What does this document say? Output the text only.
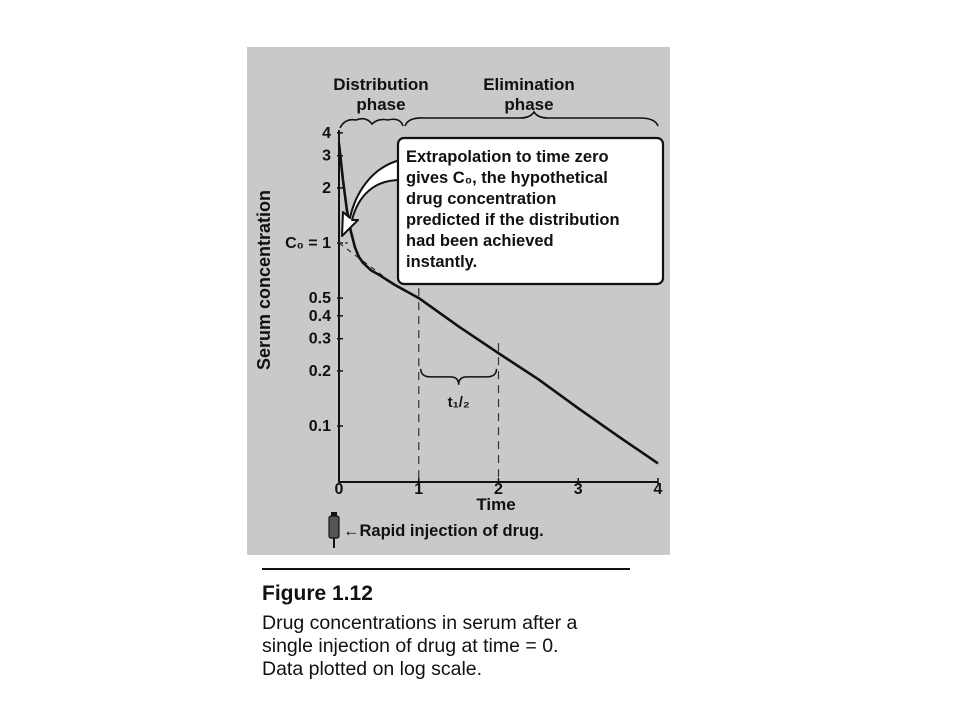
4
3
2
C₀ = 1
0.5
0.4
0.3
0.2
0.1
0	1	2	3	4
t₁/₂
Distribution
phase
Elimination
phase
Extrapolation to time zero
gives C₀, the hypothetical
drug concentration
predicted if the distribution
had been achieved
instantly.
←Rapid injection of drug.
Serum concentration
Time
Figure 1.12
Drug concentrations in serum after a
single injection of drug at time = 0.
Data plotted on log scale.
